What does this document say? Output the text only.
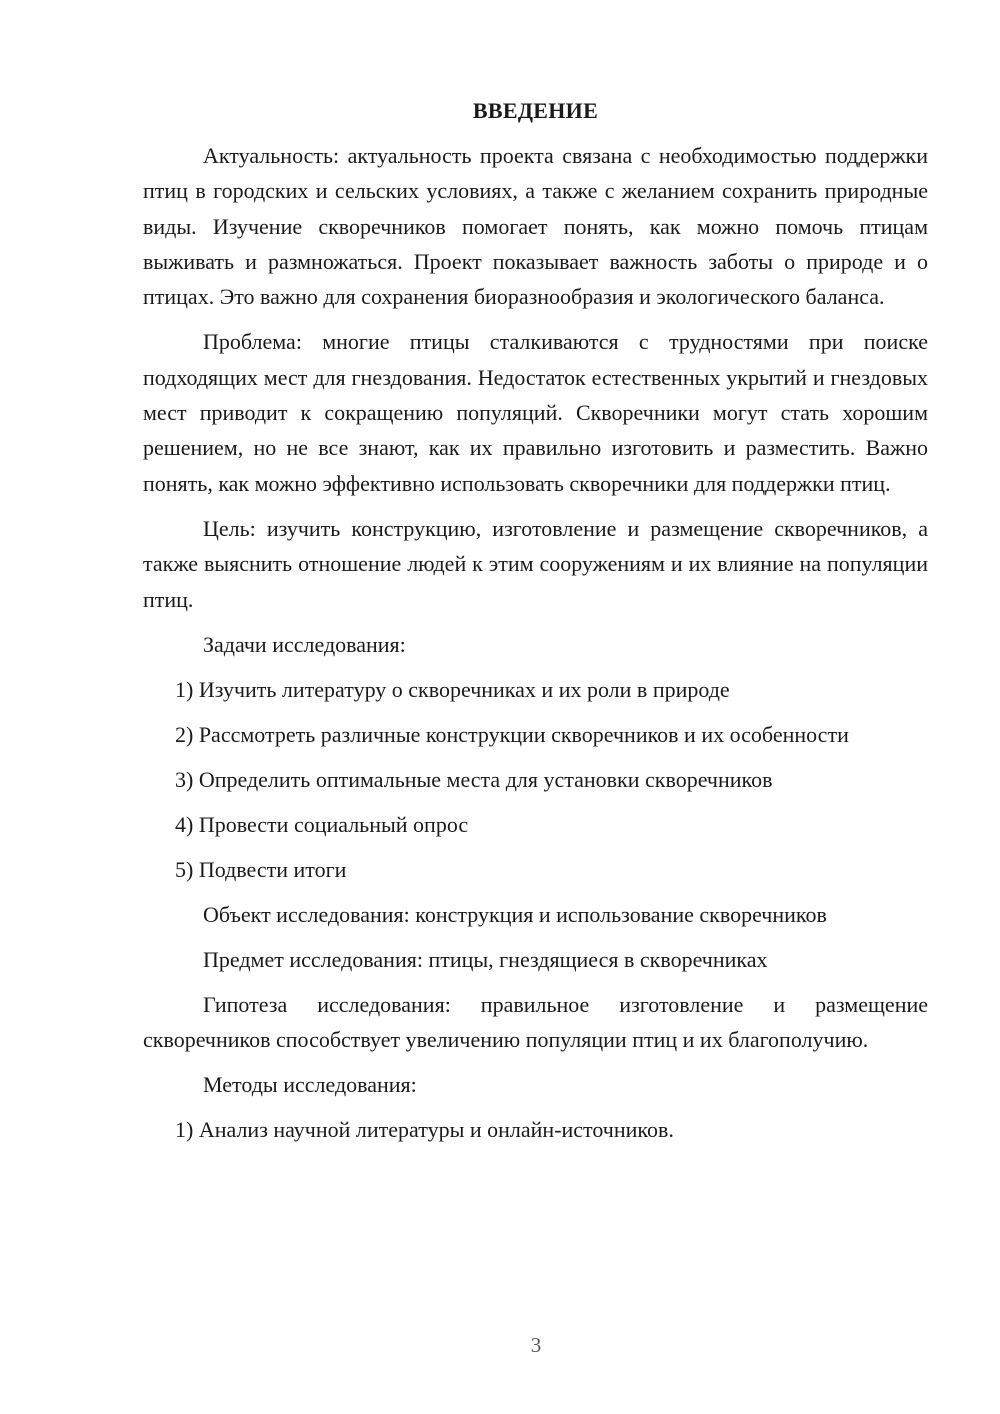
ВВЕДЕНИЕ

Актуальность: актуальность проекта связана с необходимостью поддержки птиц в городских и сельских условиях, а также с желанием сохранить природные виды. Изучение скворечников помогает понять, как можно помочь птицам выживать и размножаться. Проект показывает важность заботы о природе и о птицах. Это важно для сохранения биоразнообразия и экологического баланса.

Проблема: многие птицы сталкиваются с трудностями при поиске подходящих мест для гнездования. Недостаток естественных укрытий и гнездовых мест приводит к сокращению популяций. Скворечники могут стать хорошим решением, но не все знают, как их правильно изготовить и разместить. Важно понять, как можно эффективно использовать скворечники для поддержки птиц.

Цель: изучить конструкцию, изготовление и размещение скворечников, а также выяснить отношение людей к этим сооружениям и их влияние на популяции птиц.

Задачи исследования:

1) Изучить литературу о скворечниках и их роли в природе

2) Рассмотреть различные конструкции скворечников и их особенности

3) Определить оптимальные места для установки скворечников

4) Провести социальный опрос

5) Подвести итоги

Объект исследования: конструкция и использование скворечников

Предмет исследования: птицы, гнездящиеся в скворечниках

Гипотеза исследования: правильное изготовление и размещение скворечников способствует увеличению популяции птиц и их благополучию.

Методы исследования:

1) Анализ научной литературы и онлайн-источников.

3
